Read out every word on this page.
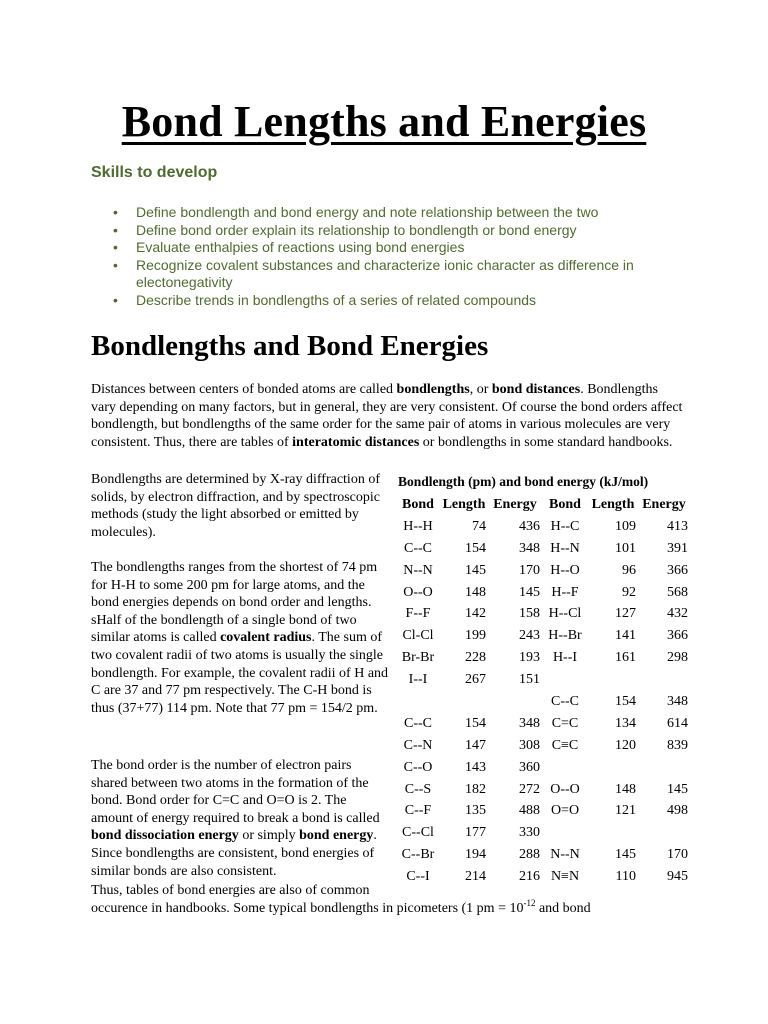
Bond Lengths and Energies
Skills to develop
• Define bondlength and bond energy and note relationship between the two
• Define bond order explain its relationship to bondlength or bond energy
• Evaluate enthalpies of reactions using bond energies
• Recognize covalent substances and characterize ionic character as difference in electonegativity
• Describe trends in bondlengths of a series of related compounds
Bondlengths and Bond Energies
Distances between centers of bonded atoms are called bondlengths, or bond distances. Bondlengths vary depending on many factors, but in general, they are very consistent. Of course the bond orders affect bondlength, but bondlengths of the same order for the same pair of atoms in various molecules are very consistent. Thus, there are tables of interatomic distances or bondlengths in some standard handbooks.
Bondlengths are determined by X-ray diffraction of solids, by electron diffraction, and by spectroscopic methods (study the light absorbed or emitted by molecules).
The bondlengths ranges from the shortest of 74 pm for H-H to some 200 pm for large atoms, and the bond energies depends on bond order and lengths. sHalf of the bondlength of a single bond of two similar atoms is called covalent radius. The sum of two covalent radii of two atoms is usually the single bondlength. For example, the covalent radii of H and C are 37 and 77 pm respectively. The C-H bond is thus (37+77) 114 pm. Note that 77 pm = 154/2 pm.
The bond order is the number of electron pairs shared between two atoms in the formation of the bond. Bond order for C=C and O=O is 2. The amount of energy required to break a bond is called bond dissociation energy or simply bond energy. Since bondlengths are consistent, bond energies of similar bonds are also consistent.
Thus, tables of bond energies are also of common
occurence in handbooks. Some typical bondlengths in picometers (1 pm = $10^{-12}$ and bond
Bondlength (pm) and bond energy (kJ/mol)
Bond	Length	Energy	Bond	Length	Energy
H--H	74	436	H--C	109	413
C--C	154	348	H--N	101	391
N--N	145	170	H--O	96	366
O--O	148	145	H--F	92	568
F--F	142	158	H--Cl	127	432
Cl-Cl	199	243	H--Br	141	366
Br-Br	228	193	H--I	161	298
I--I	267	151			
			C--C	154	348
C--C	154	348	C=C	134	614
C--N	147	308	C≡C	120	839
C--O	143	360			
C--S	182	272	O--O	148	145
C--F	135	488	O=O	121	498
C--Cl	177	330			
C--Br	194	288	N--N	145	170
C--I	214	216	N≡N	110	945
